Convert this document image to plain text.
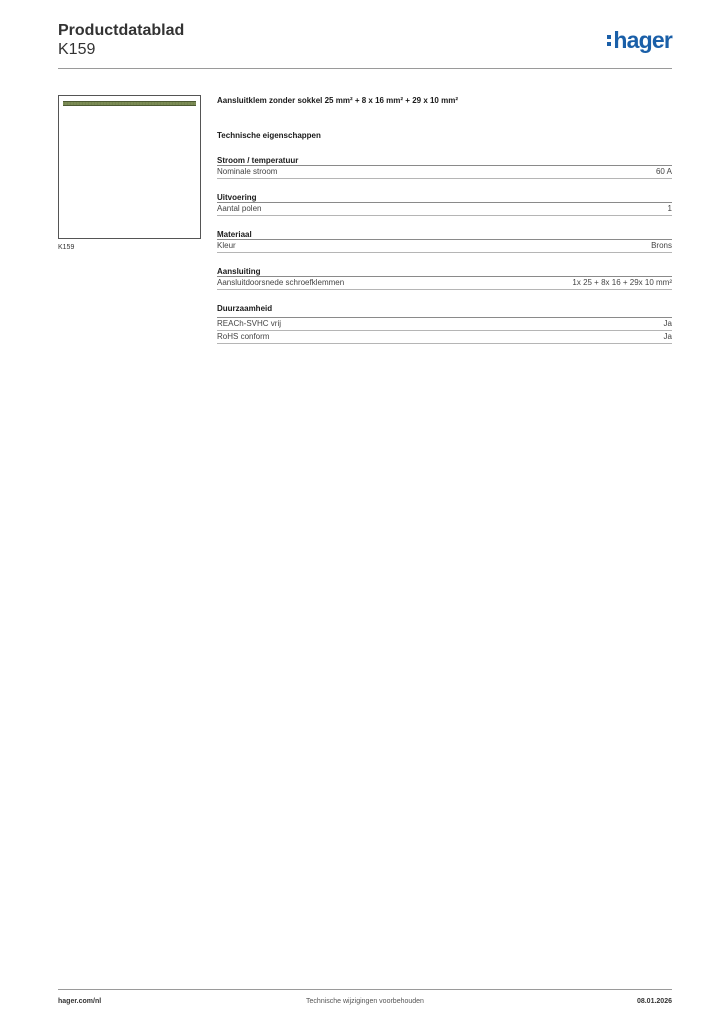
Productdatablad
K159	hager
K159
Aansluitklem zonder sokkel 25 mm² + 8 x 16 mm² + 29 x 10 mm²
Technische eigenschappen
Stroom / temperatuur
Nominale stroom	60 A
Uitvoering
Aantal polen	1
Materiaal
Kleur	Brons
Aansluiting
Aansluitdoorsnede schroefklemmen	1x 25 + 8x 16 + 29x 10 mm²
Duurzaamheid
REACh-SVHC vrij	Ja
RoHS conform	Ja
hager.com/nl	Technische wijzigingen voorbehouden	08.01.2026
